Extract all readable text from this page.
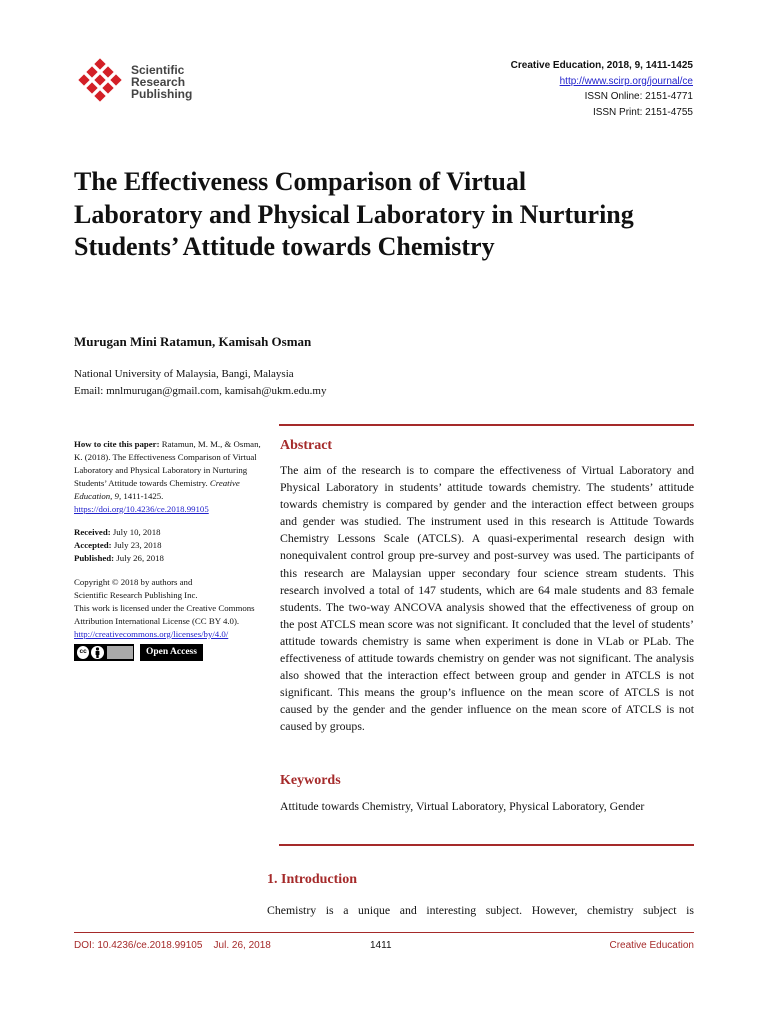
Scientific
Research
Publishing
Creative Education, 2018, 9, 1411-1425
http://www.scirp.org/journal/ce
ISSN Online: 2151-4771
ISSN Print: 2151-4755
The Effectiveness Comparison of Virtual Laboratory and Physical Laboratory in Nurturing Students’ Attitude towards Chemistry
Murugan Mini Ratamun, Kamisah Osman
National University of Malaysia, Bangi, Malaysia
Email: mnlmurugan@gmail.com, kamisah@ukm.edu.my

How to cite this paper: Ratamun, M. M., & Osman, K. (2018). The Effectiveness Comparison of Virtual Laboratory and Physical Laboratory in Nurturing Students’ Attitude towards Chemistry. Creative Education, 9, 1411-1425.
https://doi.org/10.4236/ce.2018.99105

Received: July 10, 2018

Accepted: July 23, 2018

Published: July 26, 2018

Copyright © 2018 by authors and
Scientific Research Publishing Inc.

This work is licensed under the Creative Commons Attribution International License (CC BY 4.0).

http://creativecommons.org/licenses/by/4.0/

cc	Open Access
Abstract
The aim of the research is to compare the effectiveness of Virtual Laboratory and Physical Laboratory in students’ attitude towards chemistry. The students’ attitude towards chemistry is compared by gender and the interaction effect between groups and gender was studied. The instrument used in this research is Attitude Towards Chemistry Lessons Scale (ATCLS). A quasi-experimental research design with nonequivalent control group pre-survey and post-survey was used. The participants of this research are Malaysian upper secondary four science stream students. This research involved a total of 147 students, which are 64 male students and 83 female students. The two-way ANCOVA analysis showed that the effectiveness of group on the post ATCLS mean score was not significant. It concluded that the level of students’ attitude towards chemistry is same when experiment is done in VLab or PLab. The effectiveness of attitude towards chemistry on gender was not significant. The analysis also showed that the interaction effect between group and gender in ATCLS is not significant. This means the group’s influence on the mean score of ATCLS is not caused by the gender and the gender influence on the mean score of ATCLS is not caused by groups.
Keywords
Attitude towards Chemistry, Virtual Laboratory, Physical Laboratory, Gender
1. Introduction
Chemistry is a unique and interesting subject. However, chemistry subject is
DOI: 10.4236/ce.2018.99105    Jul. 26, 2018	1411	Creative Education
